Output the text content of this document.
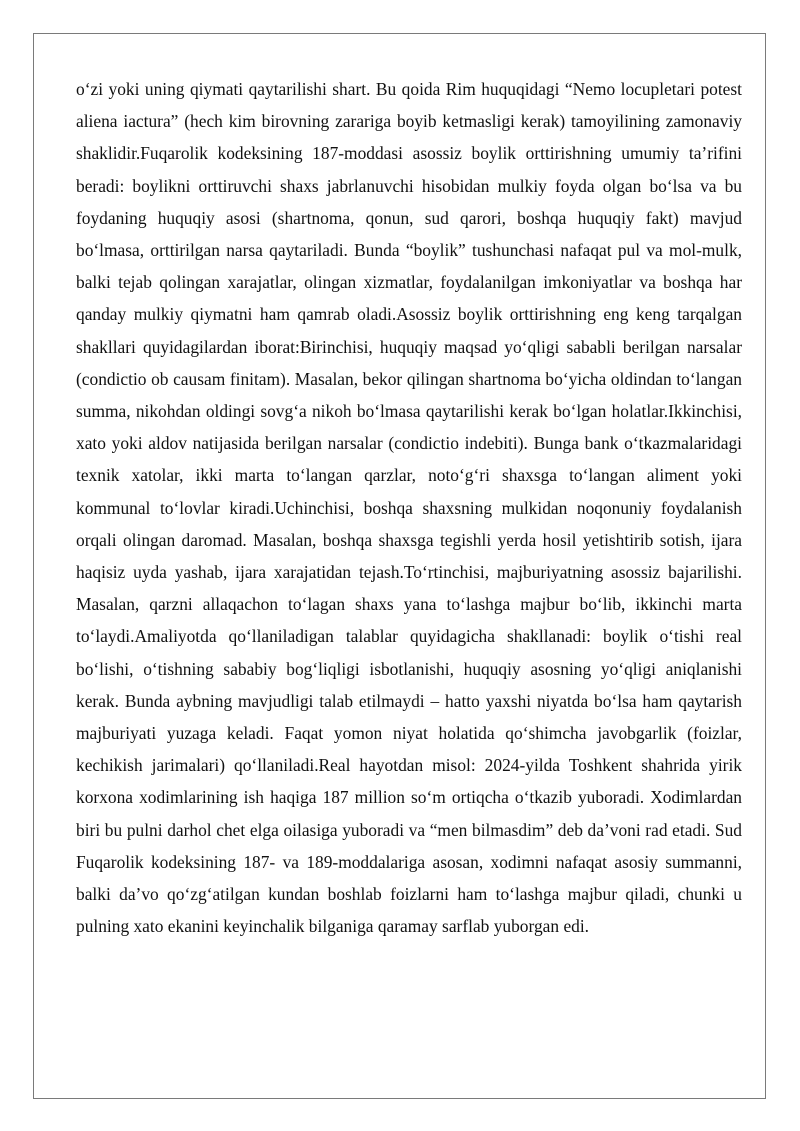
o‘zi yoki uning qiymati qaytarilishi shart. Bu qoida Rim huquqidagi “Nemo locupletari potest aliena iactura” (hech kim birovning zarariga boyib ketmasligi kerak) tamoyilining zamonaviy shaklidir.Fuqarolik kodeksining 187-moddasi asossiz boylik orttirishning umumiy ta’rifini beradi: boylikni orttiruvchi shaxs jabrlanuvchi hisobidan mulkiy foyda olgan bo‘lsa va bu foydaning huquqiy asosi (shartnoma, qonun, sud qarori, boshqa huquqiy fakt) mavjud bo‘lmasa, orttirilgan narsa qaytariladi. Bunda “boylik” tushunchasi nafaqat pul va mol-mulk, balki tejab qolingan xarajatlar, olingan xizmatlar, foydalanilgan imkoniyatlar va boshqa har qanday mulkiy qiymatni ham qamrab oladi.Asossiz boylik orttirishning eng keng tarqalgan shakllari quyidagilardan iborat:Birinchisi, huquqiy maqsad yo‘qligi sababli berilgan narsalar (condictio ob causam finitam). Masalan, bekor qilingan shartnoma bo‘yicha oldindan to‘langan summa, nikohdan oldingi sovg‘a nikoh bo‘lmasa qaytarilishi kerak bo‘lgan holatlar.Ikkinchisi, xato yoki aldov natijasida berilgan narsalar (condictio indebiti). Bunga bank o‘tkazmalaridagi texnik xatolar, ikki marta to‘langan qarzlar, noto‘g‘ri shaxsga to‘langan aliment yoki kommunal to‘lovlar kiradi.Uchinchisi, boshqa shaxsning mulkidan noqonuniy foydalanish orqali olingan daromad. Masalan, boshqa shaxsga tegishli yerda hosil yetishtirib sotish, ijara haqisiz uyda yashab, ijara xarajatidan tejash.To‘rtinchisi, majburiyatning asossiz bajarilishi. Masalan, qarzni allaqachon to‘lagan shaxs yana to‘lashga majbur bo‘lib, ikkinchi marta to‘laydi.Amaliyotda qo‘llaniladigan talablar quyidagicha shakllanadi: boylik o‘tishi real bo‘lishi, o‘tishning sababiy bog‘liqligi isbotlanishi, huquqiy asosning yo‘qligi aniqlanishi kerak. Bunda aybning mavjudligi talab etilmaydi – hatto yaxshi niyatda bo‘lsa ham qaytarish majburiyati yuzaga keladi. Faqat yomon niyat holatida qo‘shimcha javobgarlik (foizlar, kechikish jarimalari) qo‘llaniladi.Real hayotdan misol: 2024-yilda Toshkent shahrida yirik korxona xodimlarining ish haqiga 187 million so‘m ortiqcha o‘tkazib yuboradi. Xodimlardan biri bu pulni darhol chet elga oilasiga yuboradi va “men bilmasdim” deb da’voni rad etadi. Sud Fuqarolik kodeksining 187- va 189-moddalariga asosan, xodimni nafaqat asosiy summanni, balki da’vo qo‘zg‘atilgan kundan boshlab foizlarni ham to‘lashga majbur qiladi, chunki u pulning xato ekanini keyinchalik bilganiga qaramay sarflab yuborgan edi.
